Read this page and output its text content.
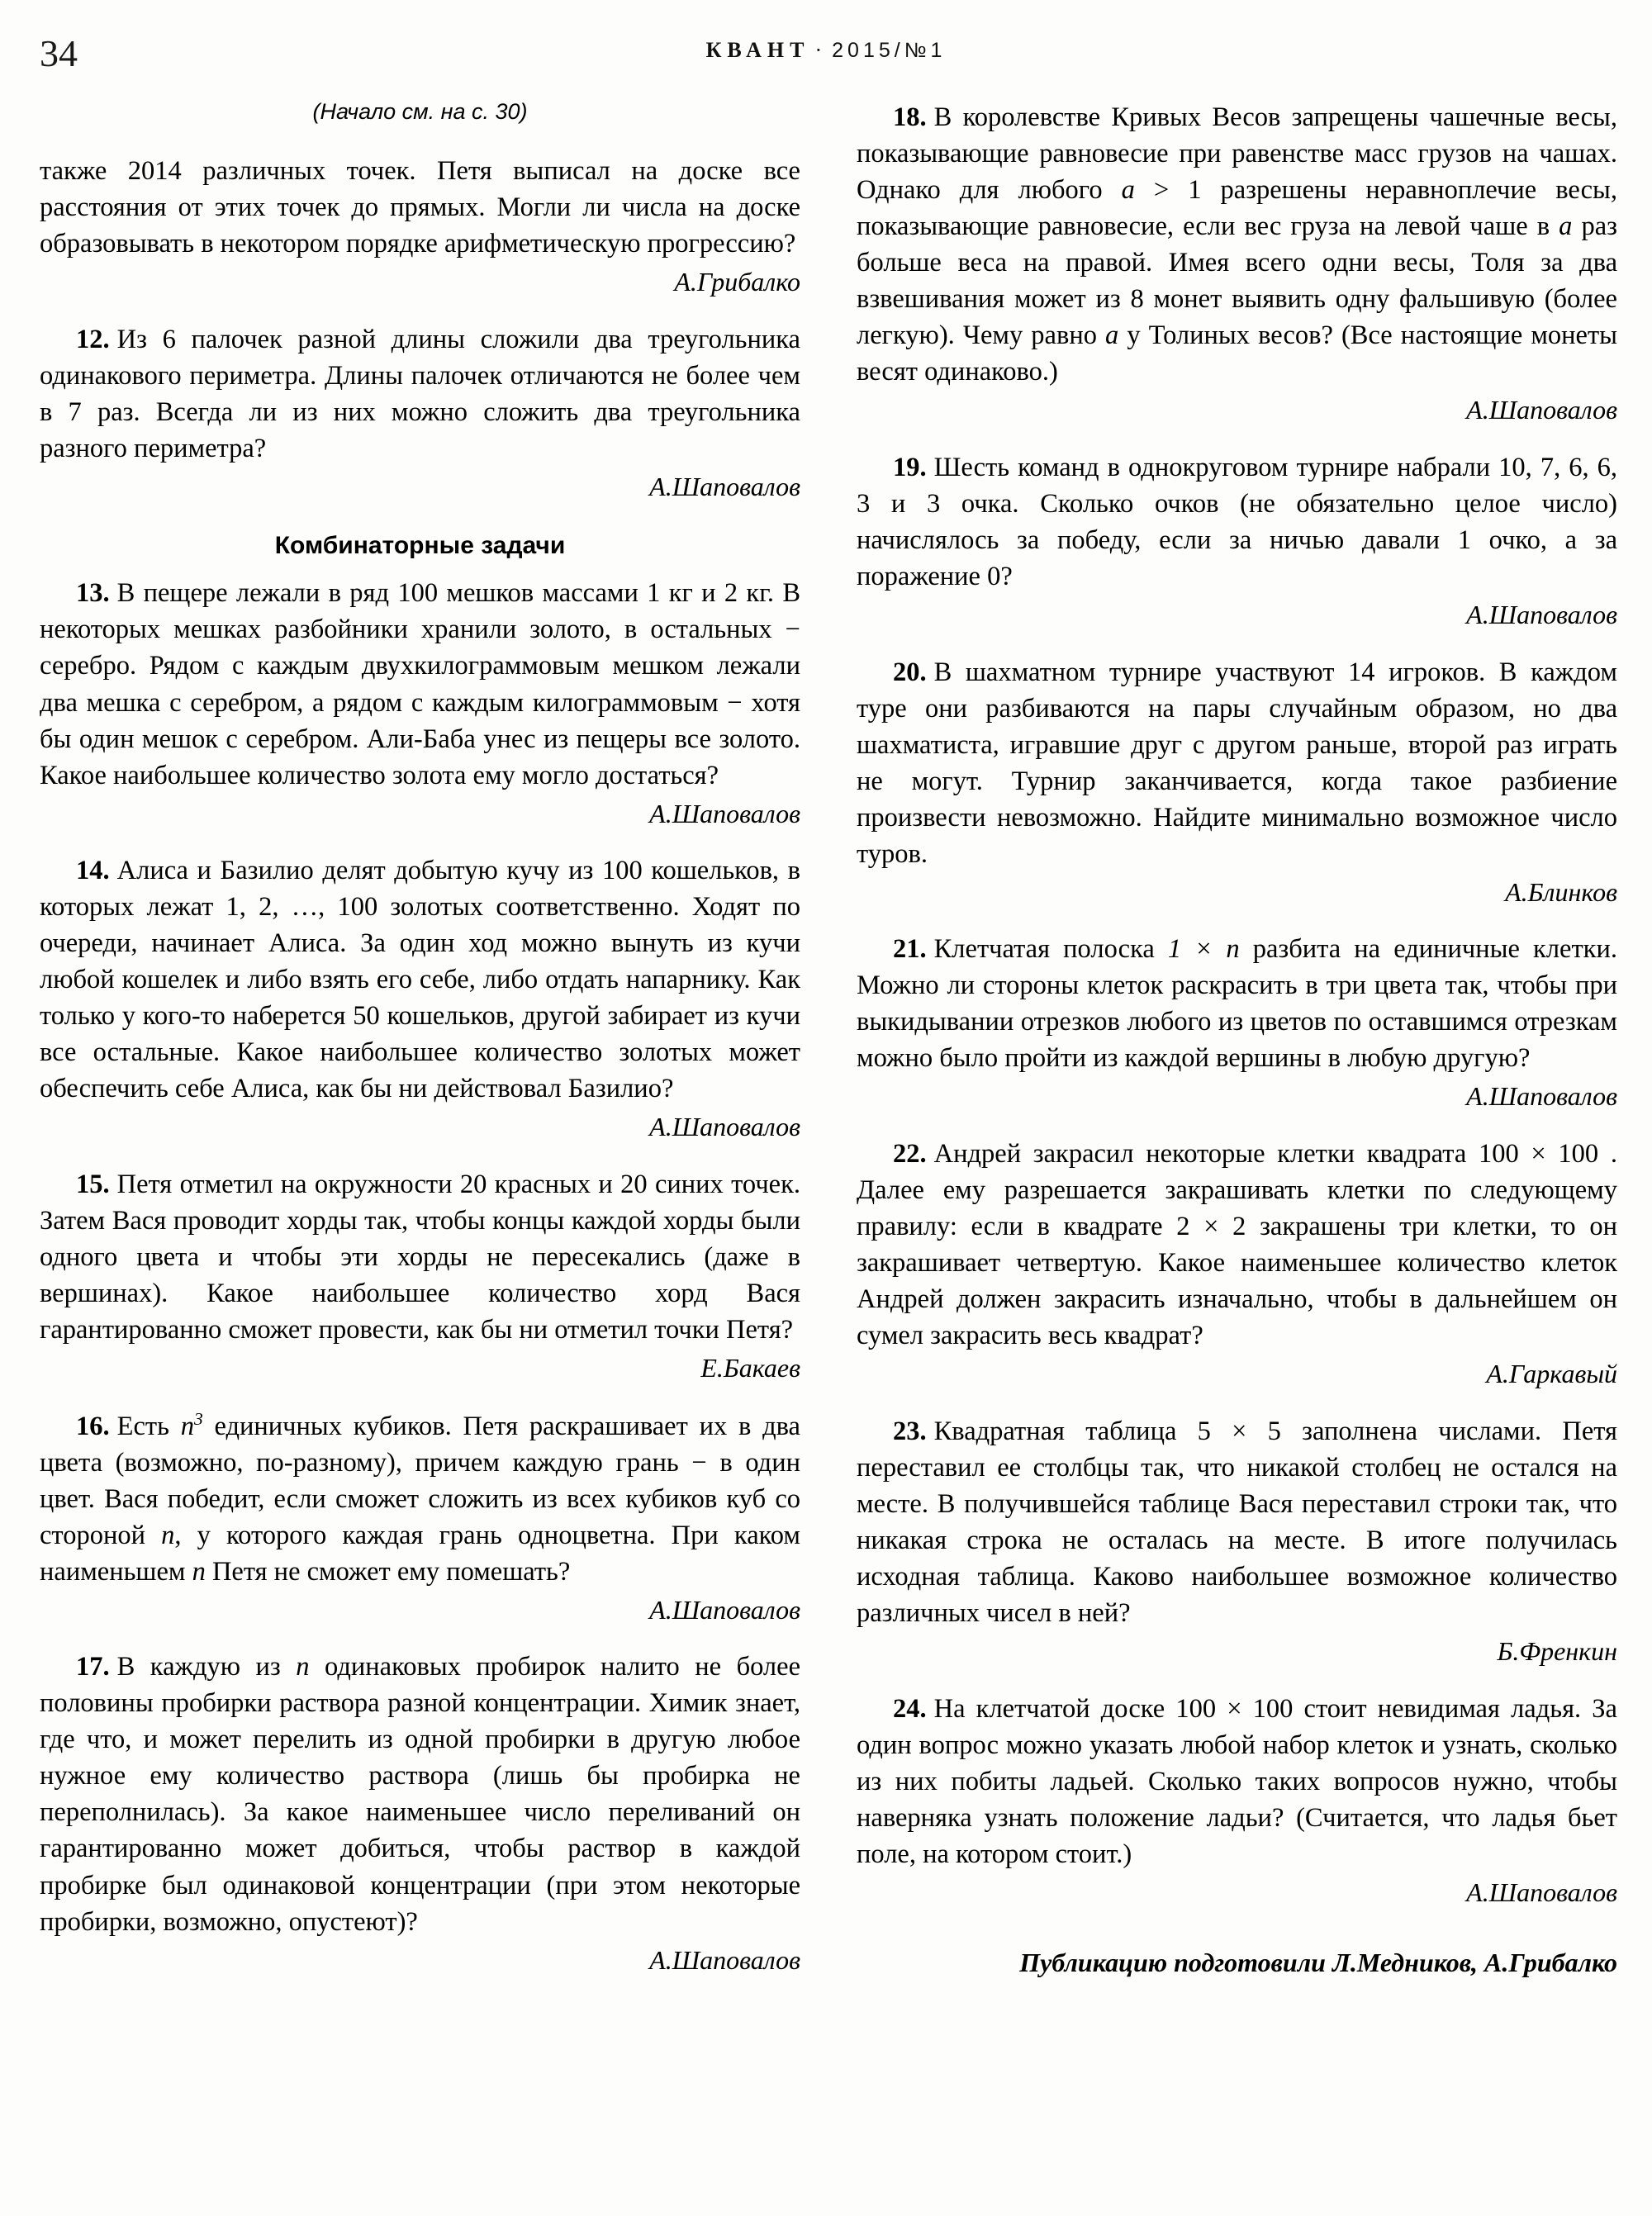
34	КВАНТ · 2015/№1
(Начало см. на с. 30)

также 2014 различных точек. Петя выписал на доске все расстояния от этих точек до прямых. Могли ли числа на доске образовывать в некотором порядке арифметическую прогрессию?

А.Грибалко

12. Из 6 палочек разной длины сложили два треугольника одинакового периметра. Длины палочек отличаются не более чем в 7 раз. Всегда ли из них можно сложить два треугольника разного периметра?

А.Шаповалов

Комбинаторные задачи

13. В пещере лежали в ряд 100 мешков массами 1 кг и 2 кг. В некоторых мешках разбойники хранили золото, в остальных − серебро. Рядом с каждым двухкилограммовым мешком лежали два мешка с серебром, а рядом с каждым килограммовым − хотя бы один мешок с серебром. Али-Баба унес из пещеры все золото. Какое наибольшее количество золота ему могло достаться?

А.Шаповалов

14. Алиса и Базилио делят добытую кучу из 100 кошельков, в которых лежат 1, 2, …, 100 золотых соответственно. Ходят по очереди, начинает Алиса. За один ход можно вынуть из кучи любой кошелек и либо взять его себе, либо отдать напарнику. Как только у кого-то наберется 50 кошельков, другой забирает из кучи все остальные. Какое наибольшее количество золотых может обеспечить себе Алиса, как бы ни действовал Базилио?

А.Шаповалов

15. Петя отметил на окружности 20 красных и 20 синих точек. Затем Вася проводит хорды так, чтобы концы каждой хорды были одного цвета и чтобы эти хорды не пересекались (даже в вершинах). Какое наибольшее количество хорд Вася гарантированно сможет провести, как бы ни отметил точки Петя?

Е.Бакаев

16. Есть $n^3$ единичных кубиков. Петя раскрашивает их в два цвета (возможно, по-разному), причем каждую грань − в один цвет. Вася победит, если сможет сложить из всех кубиков куб со стороной n, у которого каждая грань одноцветна. При каком наименьшем n Петя не сможет ему помешать?

А.Шаповалов

17. В каждую из n одинаковых пробирок налито не более половины пробирки раствора разной концентрации. Химик знает, где что, и может перелить из одной пробирки в другую любое нужное ему количество раствора (лишь бы пробирка не переполнилась). За какое наименьшее число переливаний он гарантированно может добиться, чтобы раствор в каждой пробирке был одинаковой концентрации (при этом некоторые пробирки, возможно, опустеют)?

А.Шаповалов

18. В королевстве Кривых Весов запрещены чашечные весы, показывающие равновесие при равенстве масс грузов на чашах. Однако для любого a > 1 разрешены неравноплечие весы, показывающие равновесие, если вес груза на левой чаше в a раз больше веса на правой. Имея всего одни весы, Толя за два взвешивания может из 8 монет выявить одну фальшивую (более легкую). Чему равно a у Толиных весов? (Все настоящие монеты весят одинаково.)

А.Шаповалов

19. Шесть команд в однокруговом турнире набрали 10, 7, 6, 6, 3 и 3 очка. Сколько очков (не обязательно целое число) начислялось за победу, если за ничью давали 1 очко, а за поражение 0?

А.Шаповалов

20. В шахматном турнире участвуют 14 игроков. В каждом туре они разбиваются на пары случайным образом, но два шахматиста, игравшие друг с другом раньше, второй раз играть не могут. Турнир заканчивается, когда такое разбиение произвести невозможно. Найдите минимально возможное число туров.

А.Блинков

21. Клетчатая полоска 1 × n разбита на единичные клетки. Можно ли стороны клеток раскрасить в три цвета так, чтобы при выкидывании отрезков любого из цветов по оставшимся отрезкам можно было пройти из каждой вершины в любую другую?

А.Шаповалов

22. Андрей закрасил некоторые клетки квадрата 100 × 100 . Далее ему разрешается закрашивать клетки по следующему правилу: если в квадрате 2 × 2 закрашены три клетки, то он закрашивает четвертую. Какое наименьшее количество клеток Андрей должен закрасить изначально, чтобы в дальнейшем он сумел закрасить весь квадрат?

А.Гаркавый

23. Квадратная таблица 5 × 5 заполнена числами. Петя переставил ее столбцы так, что никакой столбец не остался на месте. В получившейся таблице Вася переставил строки так, что никакая строка не осталась на месте. В итоге получилась исходная таблица. Каково наибольшее возможное количество различных чисел в ней?

Б.Френкин

24. На клетчатой доске 100 × 100 стоит невидимая ладья. За один вопрос можно указать любой набор клеток и узнать, сколько из них побиты ладьей. Сколько таких вопросов нужно, чтобы наверняка узнать положение ладьи? (Считается, что ладья бьет поле, на котором стоит.)

А.Шаповалов

Публикацию подготовили Л.Медников, А.Грибалко
